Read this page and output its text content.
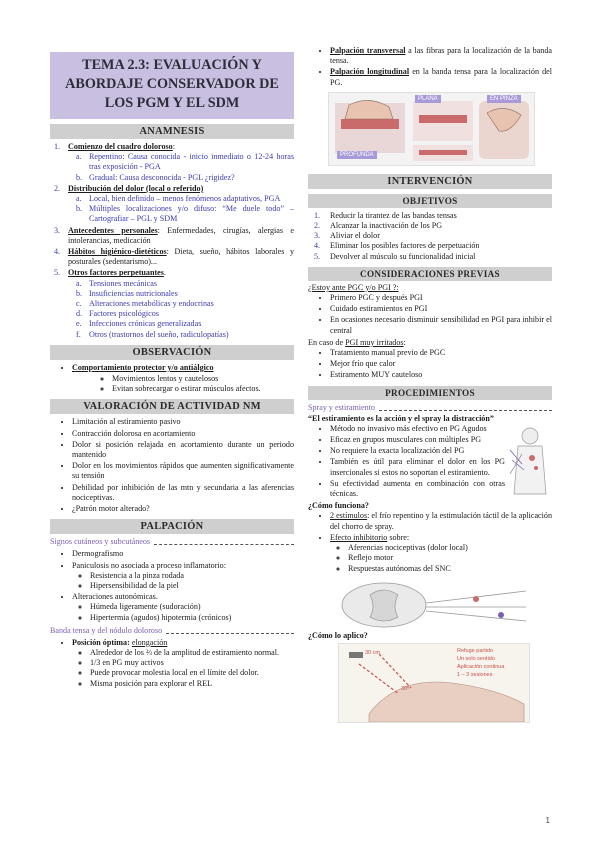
TEMA 2.3: EVALUACIÓN Y ABORDAJE CONSERVADOR DE LOS PGM Y EL SDM
ANAMNESIS
1. Comienzo del cuadro doloroso:
a. Repentino: Causa conocida - inicio inmediato o 12-24 horas tras exposición - PGA
b. Gradual: Causa desconocida - PGL ¿rigidez?
2. Distribución del dolor (local o referido)
a. Local, bien definido – menos fenómenos adaptativos, PGA
b. Múltiples localizaciones y/o difuso: “Me duele todo” – Cartografiar – PGL y SDM
3. Antecedentes personales: Enfermedades, cirugías, alergias e intolerancias, medicación
4. Hábitos higiénico-dietéticos: Dieta, sueño, hábitos laborales y posturales (sedentarismo)...
5. Otros factores perpetuantes.
a. Tensiones mecánicas
b. Insuficiencias nutricionales
c. Alteraciones metabólicas y endocrinas
d. Factores psicológicos
e. Infecciones crónicas generalizadas
f.	Otros (trastornos del sueño, radiculopatías)
OBSERVACIÓN
• Comportamiento protector y/o antiálgico
◦ Movimientos lentos y cautelosos
◦ Evitan sobrecargar o estirar músculos afectos.
VALORACIÓN DE ACTIVIDAD NM
• Limitación al estiramiento pasivo
• Contracción dolorosa en acortamiento
• Dolor si posición relajada en acortamiento durante un periodo mantenido
• Dolor en los movimientos rápidos que aumenten significativamente su tensión
• Debilidad por inhibición de las mtn y secundaria a las aferencias nociceptivas.
• ¿Patrón motor alterado?
PALPACIÓN
Signos cutáneos y subcutáneos
• Dermografismo
• Paniculosis no asociada a proceso inflamatorio:
◦ Resistencia a la pinza rodada
◦ Hipersensibilidad de la piel
• Alteraciones autonómicas.
◦ Húmeda ligeramente (sudoración)
◦ Hipertermia (agudos) hipotermia (crónicos)
Banda tensa y del nódulo doloroso
• Posición óptima: elongación
◦ Alrededor de los ⅔ de la amplitud de estiramiento normal.
◦ 1/3 en PG muy activos
◦ Puede provocar molestia local en el límite del dolor.
◦ Misma posición para explorar el REL
• Palpación transversal a las fibras para la localización de la banda tensa.
• Palpación longitudinal en la banda tensa para la localización del PG.
PLANA	EN PINZA
PROFUNDA
INTERVENCIÓN
OBJETIVOS
1.	Reducir la tirantez de las bandas tensas
2.	Alcanzar la inactivación de los PG
3.	Aliviar el dolor
4.	Eliminar los posibles factores de perpetuación
5.	Devolver al músculo su funcionalidad inicial
CONSIDERACIONES PREVIAS
¿Estoy ante PGC y/o PGI ?:
• Primero PGC y después PGI
• Cuidado estiramientos en PGI
• En ocasiones necesario disminuir sensibilidad en PGI para inhibir el central
En caso de PGI muy irritados:
• Tratamiento manual previo de PGC
• Mejor frío que calor
• Estiramento MUY cauteloso
PROCEDIMIENTOS
Spray y estiramiento
“El estiramiento es la acción y el spray la distracción”
• Método no invasivo más efectivo en PG Agudos
• Eficaz en grupos musculares con múltiples PG
• No requiere la exacta localización del PG
• También es útil para eliminar el dolor en los PG insercionales si estos no soportan el estiramiento.
• Su efectividad aumenta en combinación con otras técnicas.
¿Cómo funciona?
• 2 estímulos: el frío repentino y la estimulación táctil de la aplicación del chorro de spray.
• Efecto inhibitorio sobre:
◦ Aferencias nociceptivas (dolor local)
◦ Reflejo motor
◦ Respuestas autónomas del SNC
¿Cómo lo aplico?
Refuge partido
Un solo sentido
Aplicación continua
1 – 3 sesiones
30 cm
30º
1
